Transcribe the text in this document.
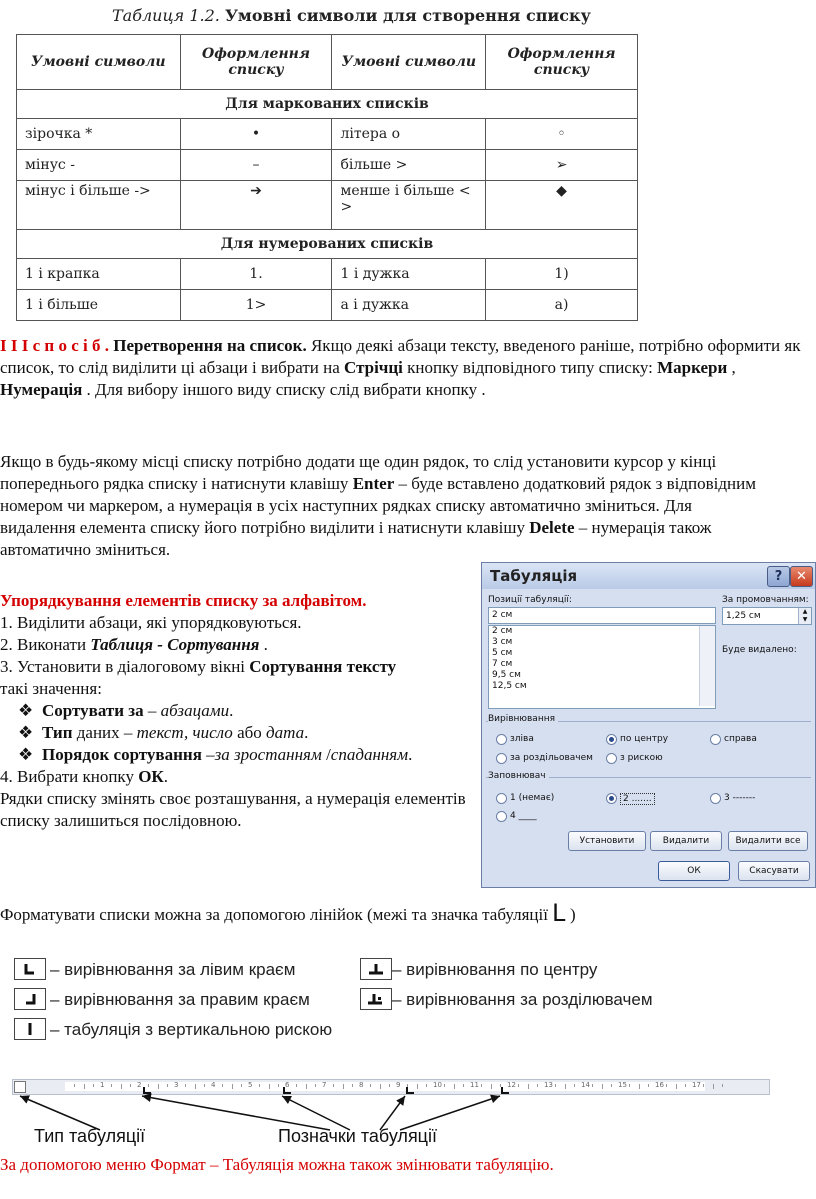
Таблиця 1.2. Умовні символи для створення списку
Умовні символи	Оформлення списку	Умовні символи	Оформлення списку
Для маркованих списків			
зірочка *	•	літера о	◦
мінус -	–	більше >	➢
мінус і більше ->	➔	менше і більше < >	◆
Для нумерованих списків			
1 і крапка	1.	1 і дужка	1)
1 і більше	1>	а і дужка	а)
І І І с п о с і б . Перетворення на список. Якщо деякі абзаци тексту, введеного раніше, потрібно оформити як список, то слід виділити ці абзаци і вибрати на Стрічці кнопку відповідного типу списку: Маркери , Нумерація . Для вибору іншого виду списку слід вибрати кнопку .
Якщо в будь-якому місці списку потрібно додати ще один рядок, то слід установити курсор у кінці попереднього рядка списку і натиснути клавішу Enter – буде вставлено додатковий рядок з відповідним номером чи маркером, а нумерація в усіх наступних рядках списку автоматично зміниться. Для видалення елемента списку його потрібно виділити і натиснути клавішу Delete – нумерація також автоматично зміниться.
Упорядкування елементів списку за алфавітом.
1. Виділити абзаци, які упорядковуються.
2. Виконати Таблиця - Сортування .
3. Установити в діалоговому вікні Сортування тексту такі значення:
❖ Сортувати за – абзацами.
❖ Тип даних – текст, число або дата.
❖ Порядок сортування –за зростанням /спаданням.
4. Вибрати кнопку ОК.
Рядки списку змінять своє розташування, а нумерація елементів списку залишиться послідовною.
Табуляція	?	✕
Позиції табуляції:
2 см
2 см
3 см
5 см
7 см
9,5 см
12,5 см
За промовчанням:
1,25 см	▲
▼
Буде видалено:
Вирівнювання
зліва	по центру	справа
за роздільовачем	з рискою
Заповнювач
1 (немає)	2 .......	3 -------
4 ____
Установити	Видалити	Видалити все
ОК	Скасувати
Форматувати списки можна за допомогою лінійок (межі та значка табуляції L )
– вирівнювання за лівим краєм	– вирівнювання по центру
– вирівнювання за правим краєм	– вирівнювання за розділювачем
– табуляція з вертикальною рискою
1	2	3	4	5	6	7	8	9	10	11	12	13	14	15	16	17
Тип табуляції	Позначки табуляції
За допомогою меню Формат – Табуляція можна також змінювати табуляцію.
